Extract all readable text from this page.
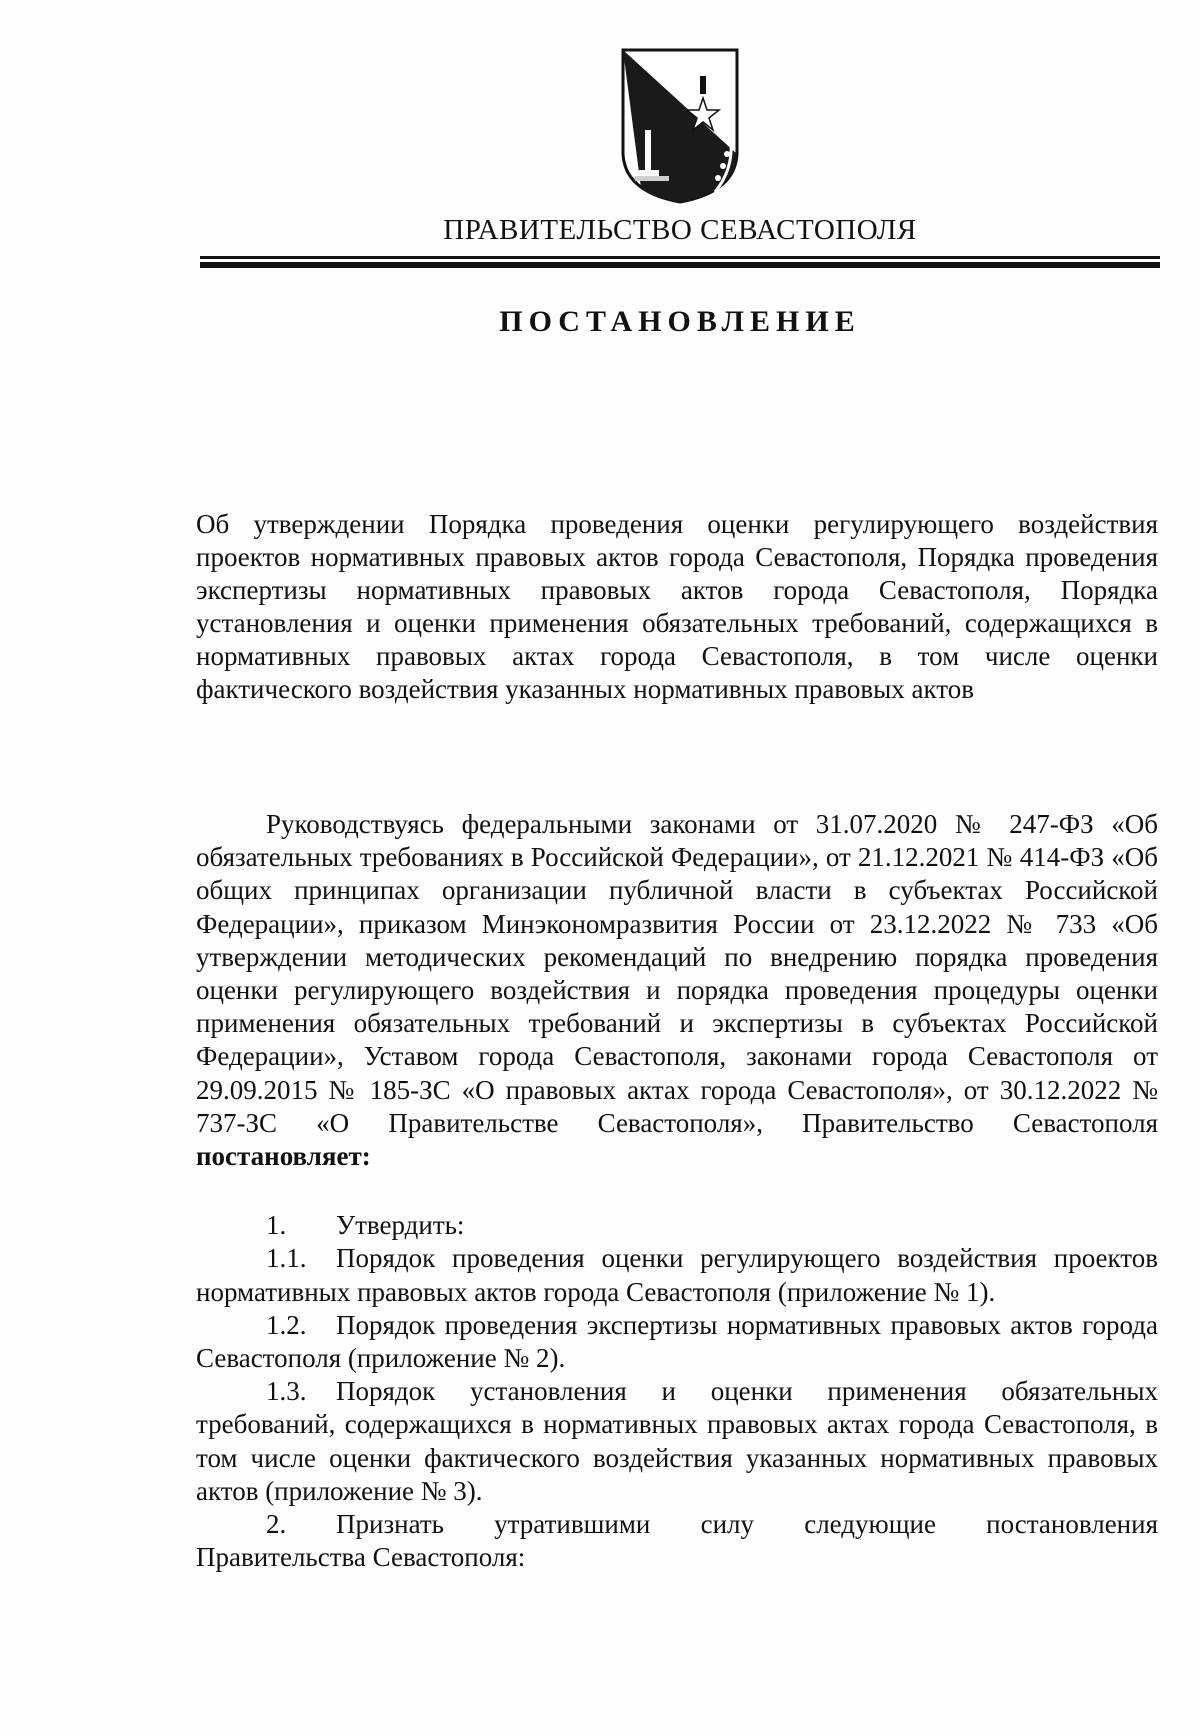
ПРАВИТЕЛЬСТВО СЕВАСТОПОЛЯ
ПОСТАНОВЛЕНИЕ
Об утверждении Порядка проведения оценки регулирующего воздействия проектов нормативных правовых актов города Севастополя, Порядка проведения экспертизы нормативных правовых актов города Севастополя, Порядка установления и оценки применения обязательных требований, содержащихся в нормативных правовых актах города Севастополя, в том числе оценки фактического воздействия указанных нормативных правовых актов

Руководствуясь федеральными законами от 31.07.2020 № 247-ФЗ «Об обязательных требованиях в Российской Федерации», от 21.12.2021 № 414-ФЗ «Об общих принципах организации публичной власти в субъектах Российской Федерации», приказом Минэкономразвития России от 23.12.2022 № 733 «Об утверждении методических рекомендаций по внедрению порядка проведения оценки регулирующего воздействия и порядка проведения процедуры оценки применения обязательных требований и экспертизы в субъектах Российской Федерации», Уставом города Севастополя, законами города Севастополя от 29.09.2015 № 185-ЗС «О правовых актах города Севастополя», от 30.12.2022 № 737-ЗС «О Правительстве Севастополя», Правительство Севастополя постановляет:

1. Утвердить:

1.1. Порядок проведения оценки регулирующего воздействия проектов нормативных правовых актов города Севастополя (приложение № 1).

1.2. Порядок проведения экспертизы нормативных правовых актов города Севастополя (приложение № 2).

1.3. Порядок установления и оценки применения обязательных требований, содержащихся в нормативных правовых актах города Севастополя, в том числе оценки фактического воздействия указанных нормативных правовых актов (приложение № 3).

2. Признать утратившими силу следующие постановления Правительства Севастополя:
